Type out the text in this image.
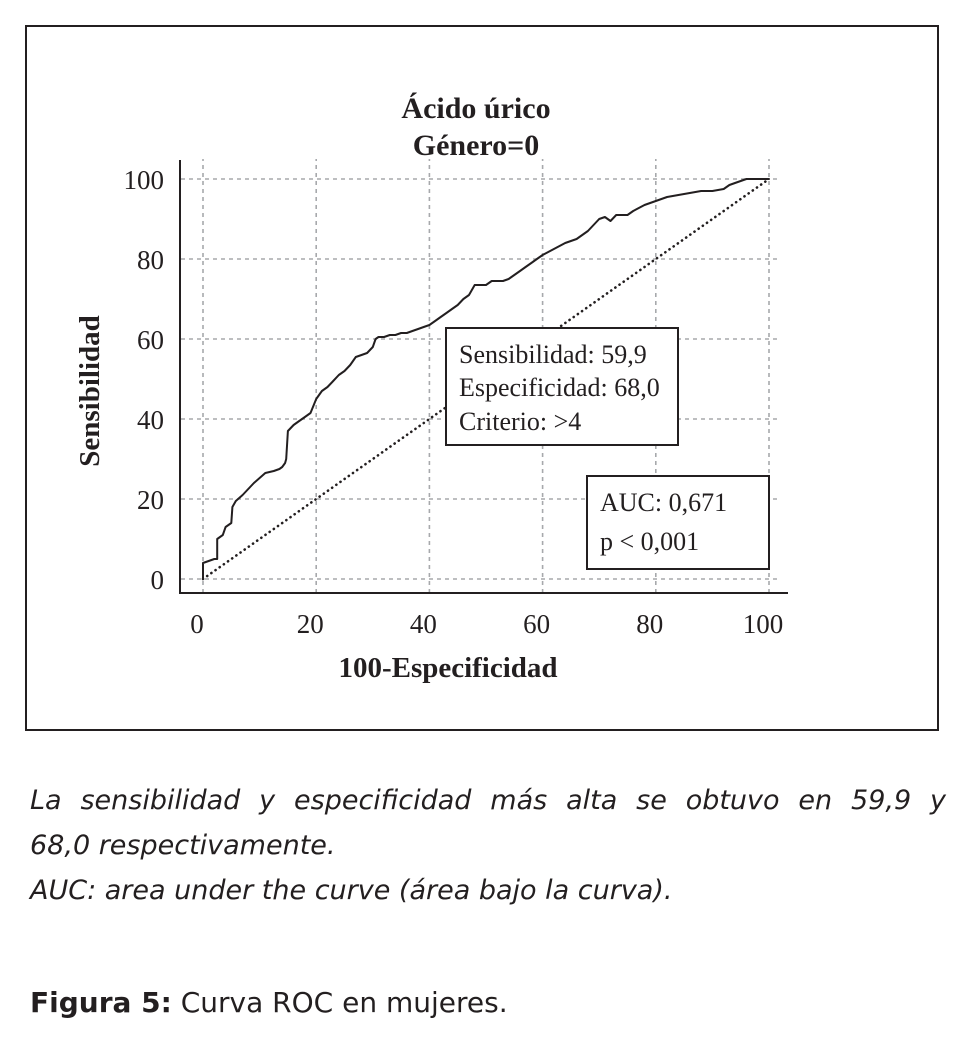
0	20	40	60	80	100
0
20
40
60
80
100
Ácido úrico
Género=0
100-Especificidad
Sensibilidad	Sensibilidad: 59,9
Especificidad: 68,0
Criterio: >4
AUC: 0,671
p < 0,001
La sensibilidad y especificidad más alta se obtuvo en 59,9 y
68,0 respectivamente.
AUC: area under the curve (área bajo la curva).
Figura 5: Curva ROC en mujeres.
